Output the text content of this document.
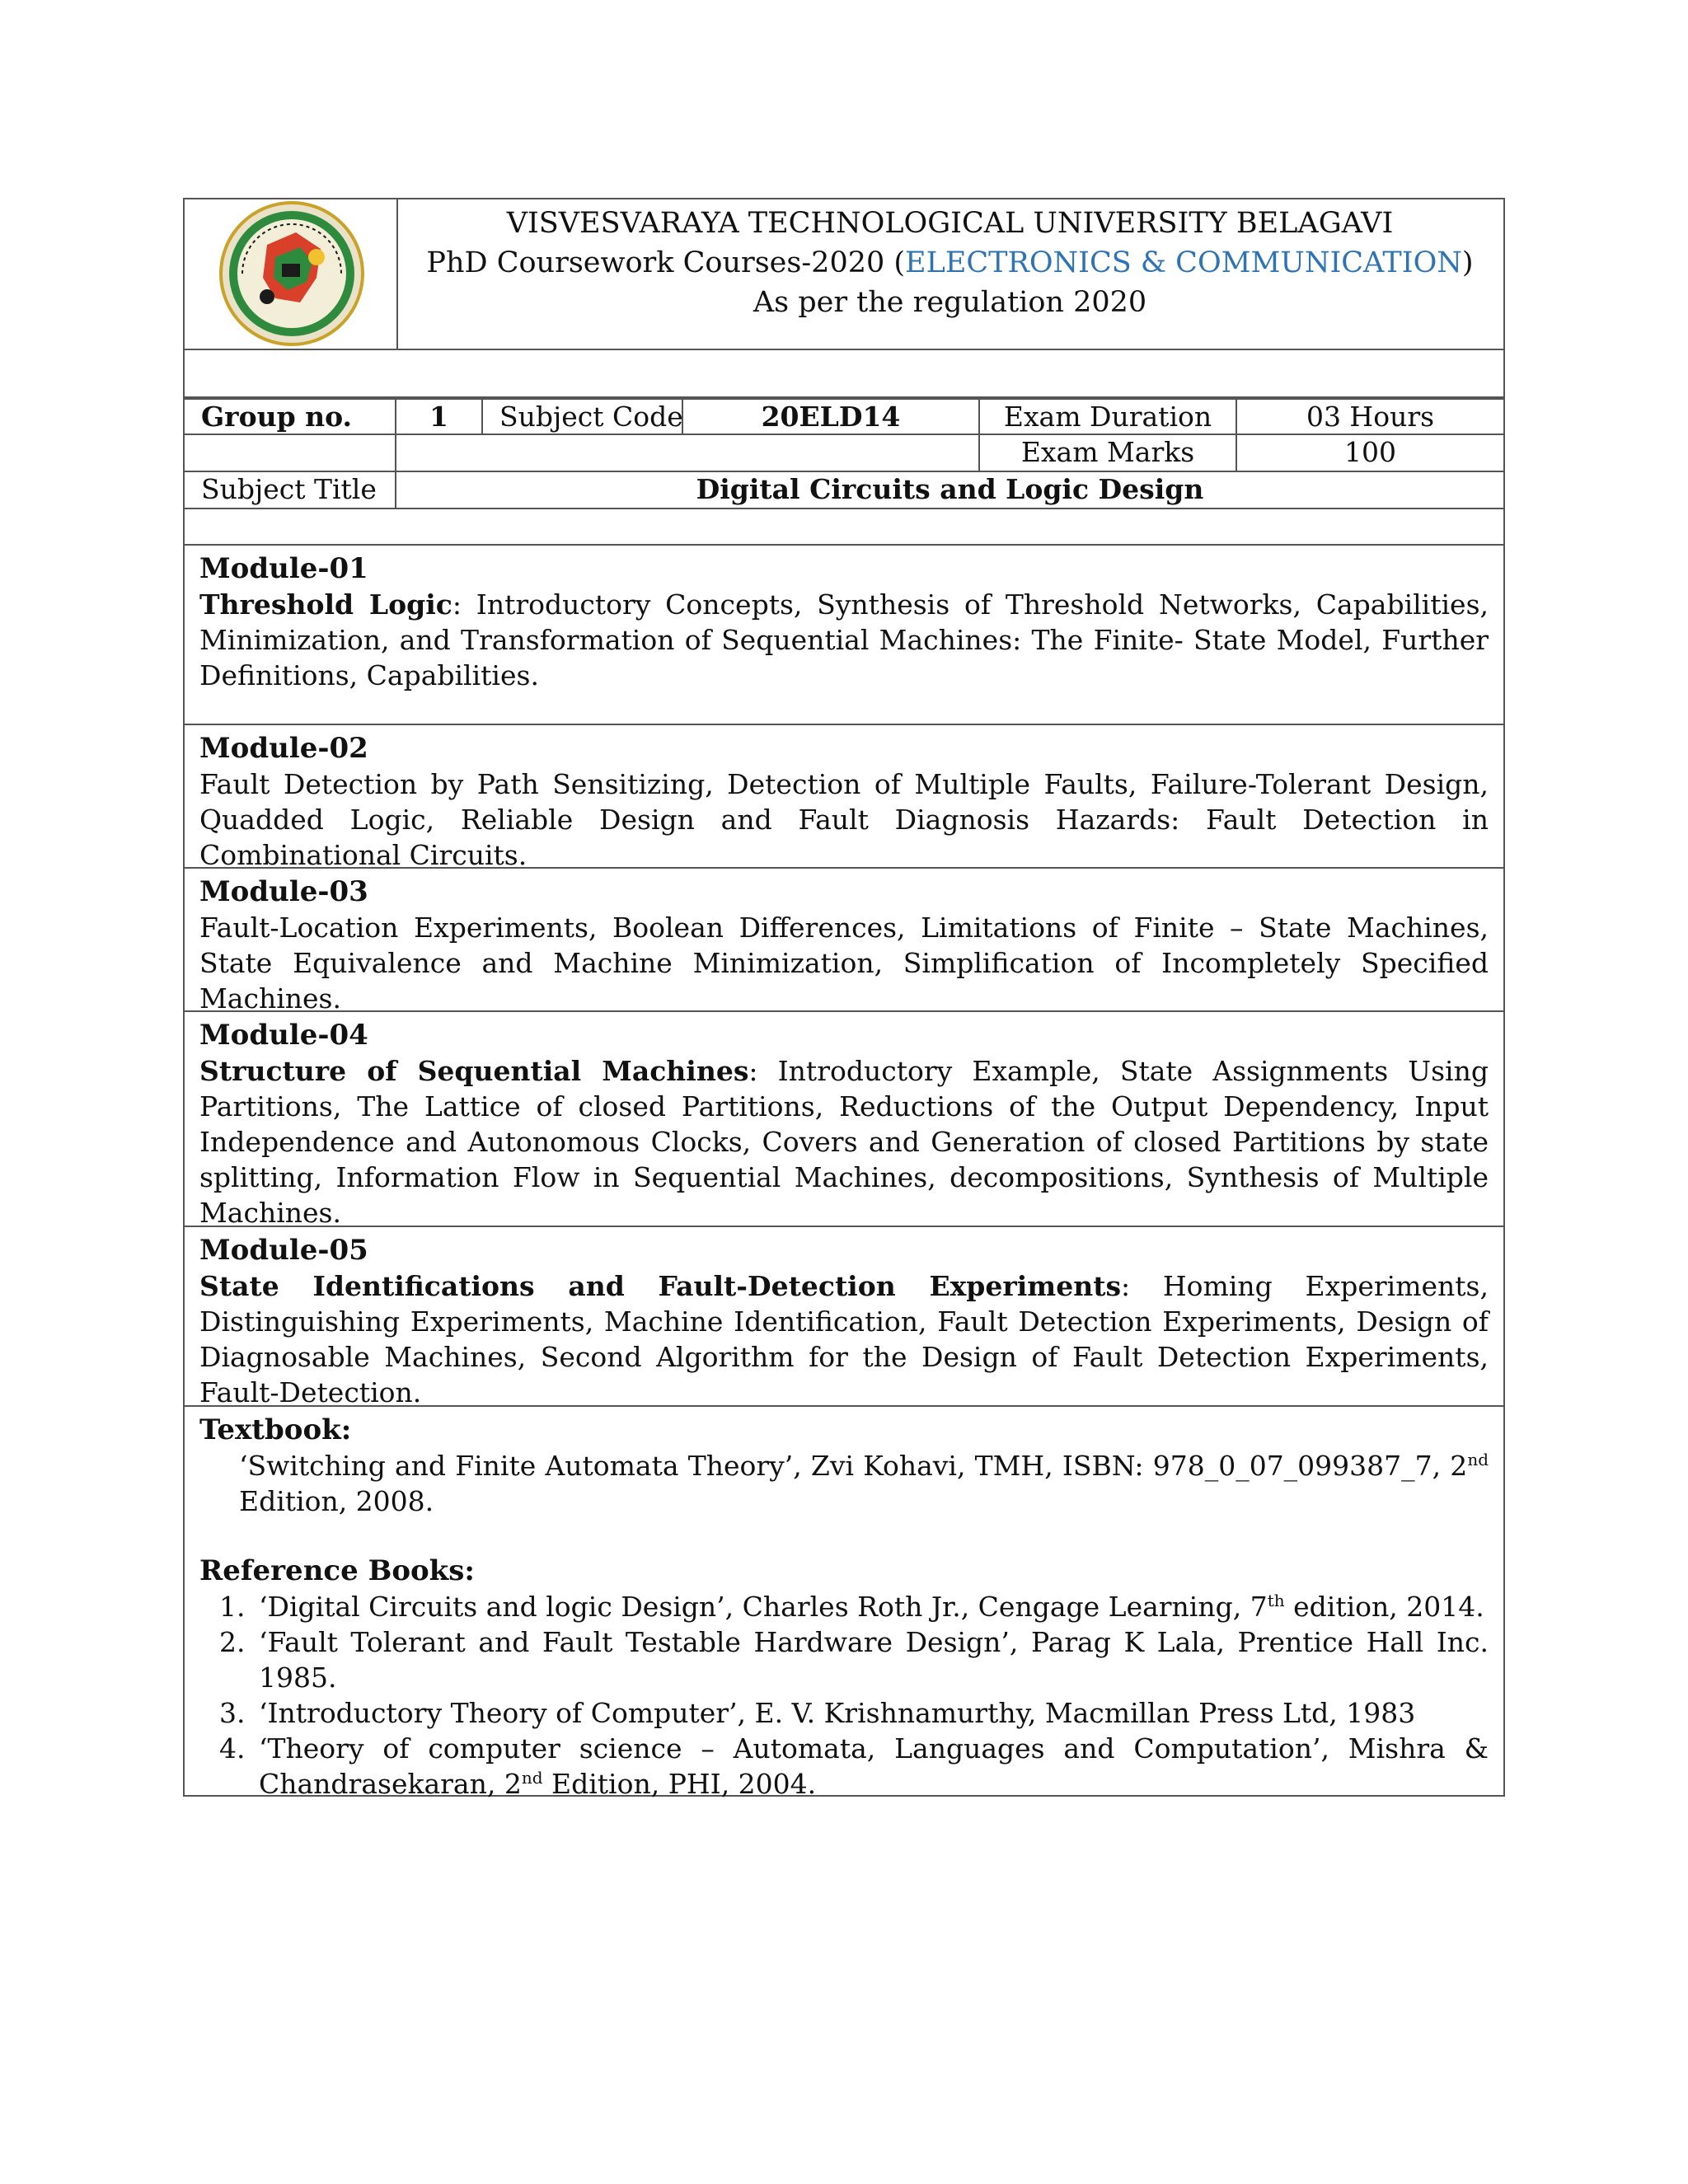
VISVESVARAYA TECHNOLOGICAL UNIVERSITY BELAGAVI
PhD Coursework Courses-2020 (ELECTRONICS & COMMUNICATION)
As per the regulation 2020
Group no.	1	Subject Code	20ELD14	Exam Duration	03 Hours
Exam Marks	100
Subject Title	Digital Circuits and Logic Design
Module-01
Threshold Logic: Introductory Concepts, Synthesis of Threshold Networks, Capabilities, Minimization, and Transformation of Sequential Machines: The Finite- State Model, Further Definitions, Capabilities.
Module-02
Fault Detection by Path Sensitizing, Detection of Multiple Faults, Failure-Tolerant Design, Quadded Logic, Reliable Design and Fault Diagnosis Hazards: Fault Detection in Combinational Circuits.
Module-03
Fault-Location Experiments, Boolean Differences, Limitations of Finite – State Machines, State Equivalence and Machine Minimization, Simplification of Incompletely Specified Machines.
Module-04
Structure of Sequential Machines: Introductory Example, State Assignments Using Partitions, The Lattice of closed Partitions, Reductions of the Output Dependency, Input Independence and Autonomous Clocks, Covers and Generation of closed Partitions by state splitting, Information Flow in Sequential Machines, decompositions, Synthesis of Multiple Machines.
Module-05
State Identifications and Fault-Detection Experiments: Homing Experiments, Distinguishing Experiments, Machine Identification, Fault Detection Experiments, Design of Diagnosable Machines, Second Algorithm for the Design of Fault Detection Experiments, Fault-Detection.
Textbook:
‘Switching and Finite Automata Theory’, Zvi Kohavi, TMH, ISBN: 978_0_07_099387_7, 2nd Edition, 2008.
Reference Books:
1. ‘Digital Circuits and logic Design’, Charles Roth Jr., Cengage Learning, 7th edition, 2014.
2. ‘Fault Tolerant and Fault Testable Hardware Design’, Parag K Lala, Prentice Hall Inc. 1985.
3. ‘Introductory Theory of Computer’, E. V. Krishnamurthy, Macmillan Press Ltd, 1983
4. ‘Theory of computer science – Automata, Languages and Computation’, Mishra & Chandrasekaran, 2nd Edition, PHI, 2004.
